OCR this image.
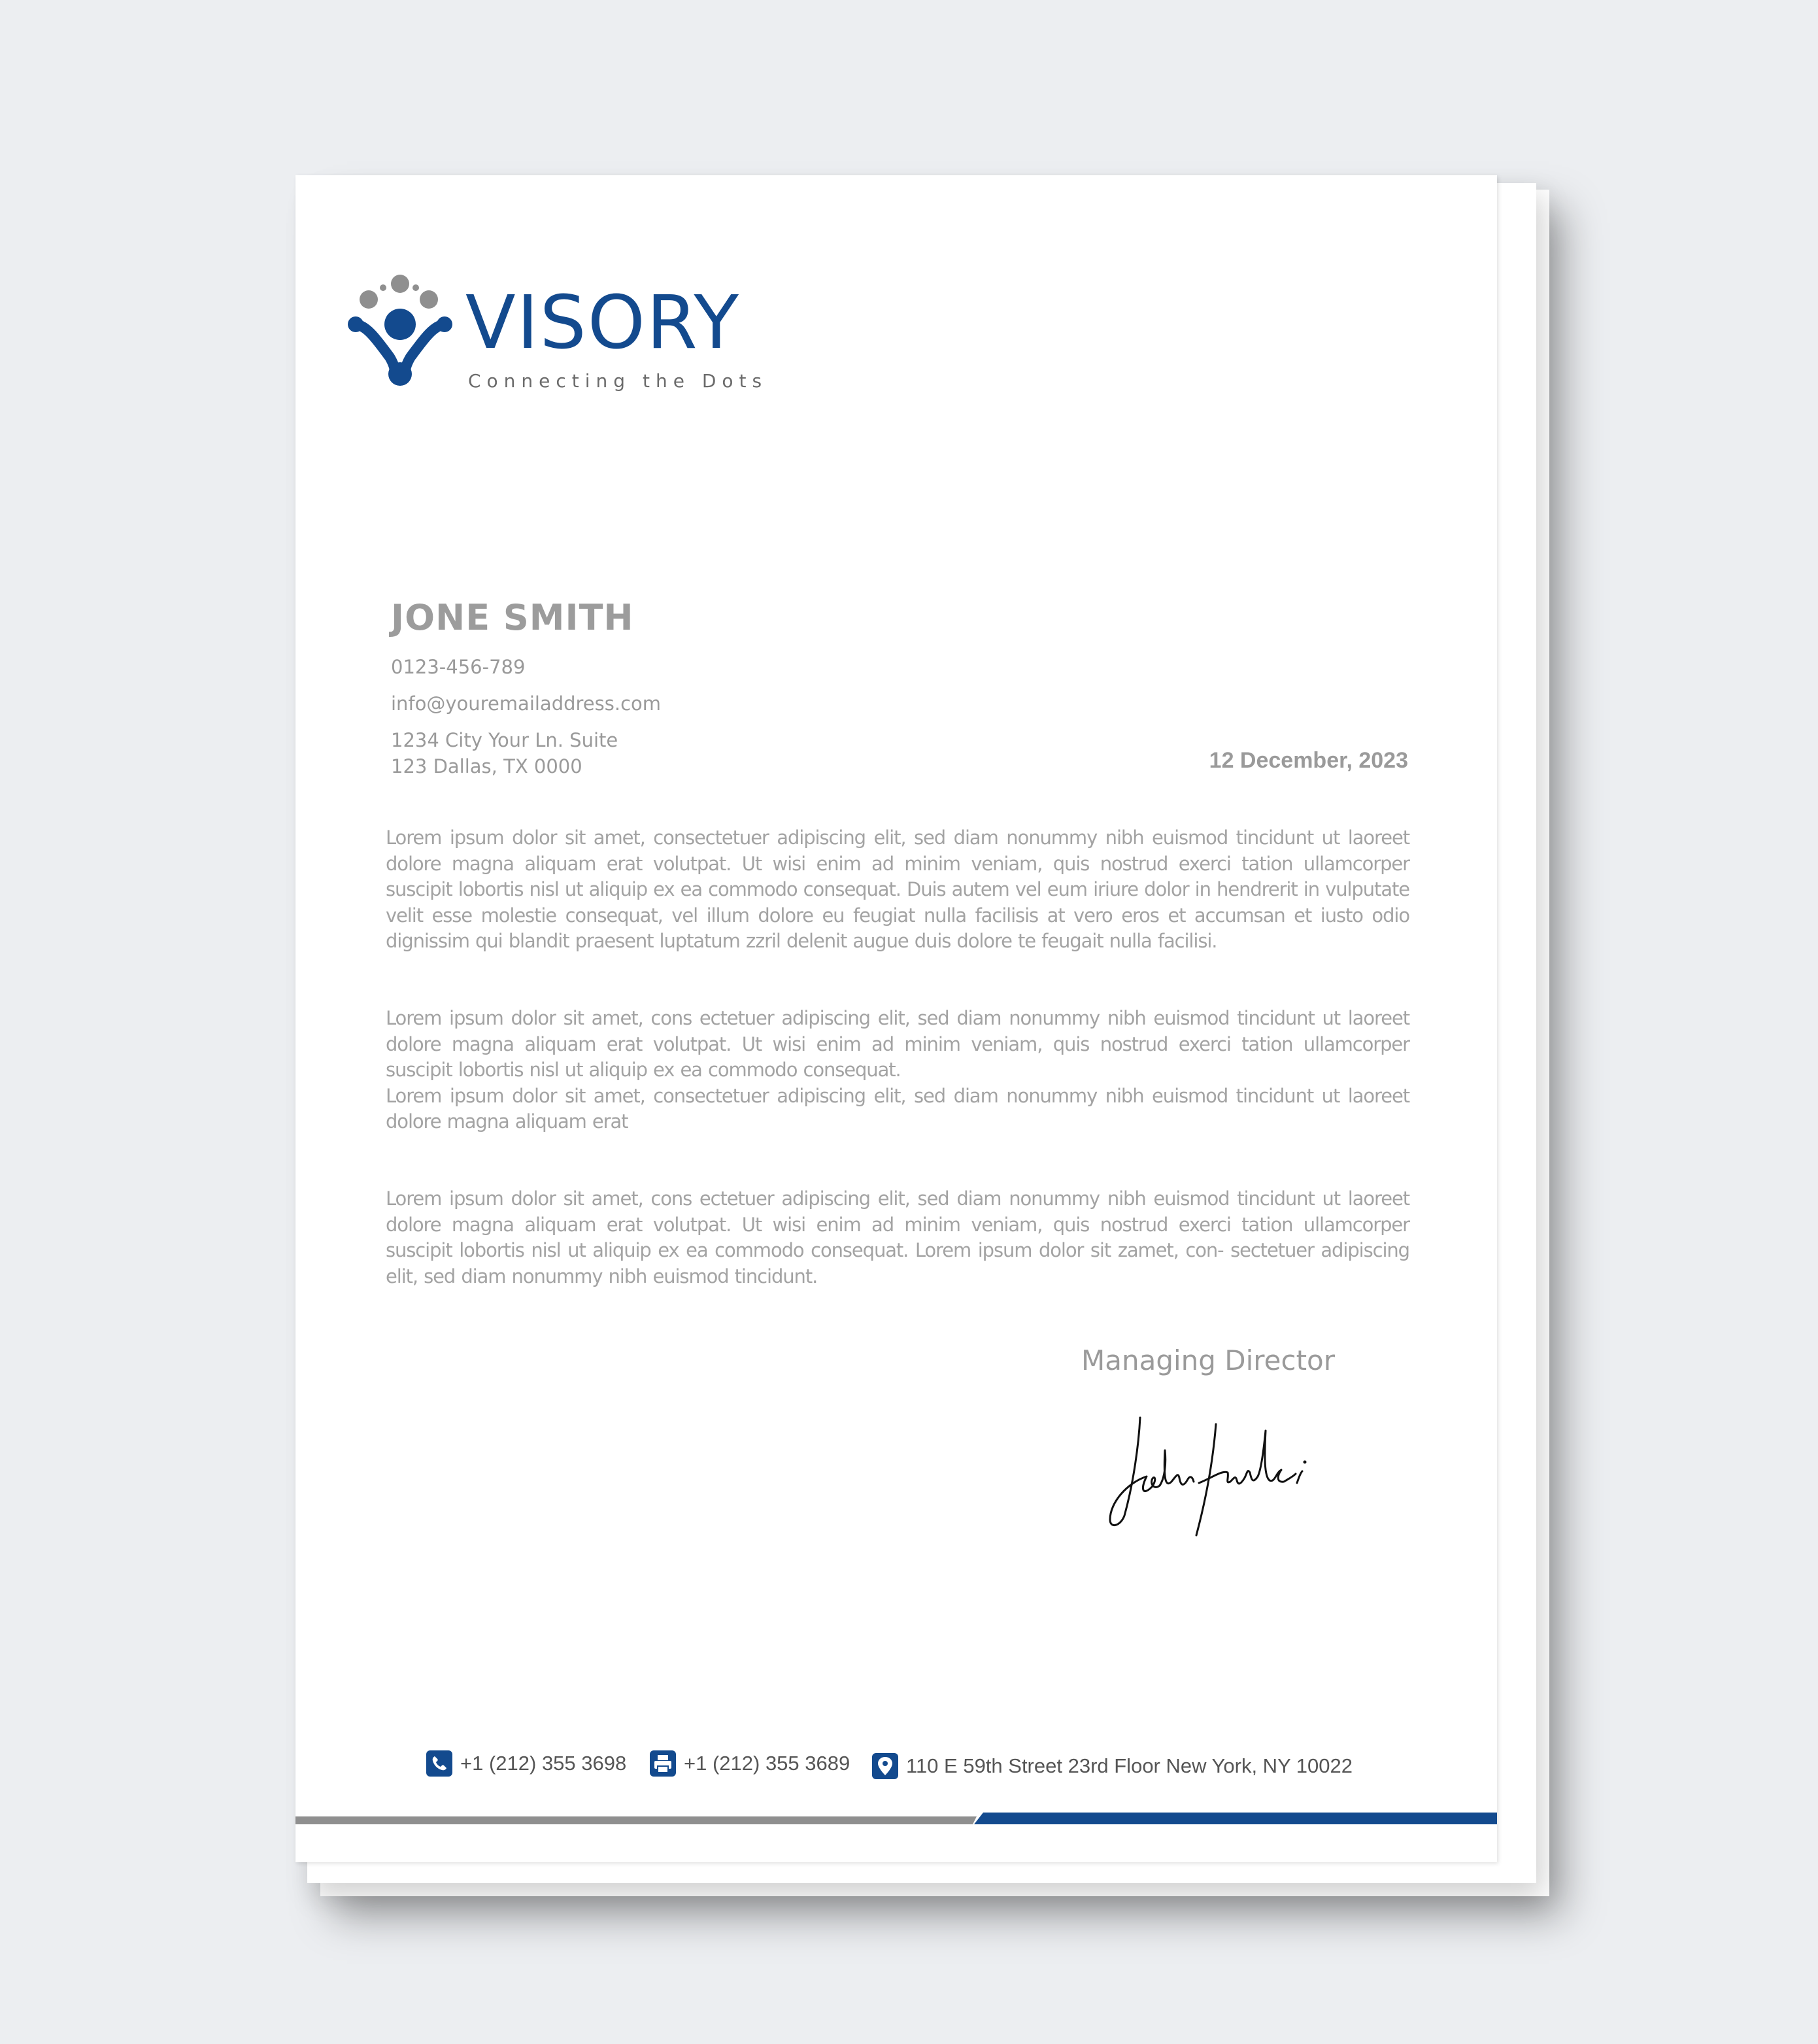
VISORY
Connecting the Dots
JONE SMITH
0123-456-789
info@youremailaddress.com
1234 City Your Ln. Suite
123 Dallas, TX 0000	12 December, 2023

Lorem ipsum dolor sit amet, consectetuer adipiscing elit, sed diam nonummy nibh euismod tincidunt ut laoreet dolore magna aliquam erat volutpat. Ut wisi enim ad minim veniam, quis nostrud exerci tation ullamcorper suscipit lobortis nisl ut aliquip ex ea commodo consequat. Duis autem vel eum iriure dolor in hendrerit in vulputate velit esse molestie consequat, vel illum dolore eu feugiat nulla facilisis at vero eros et accumsan et iusto odio dignissim qui blandit praesent luptatum zzril delenit augue duis dolore te feugait nulla facilisi.

Lorem ipsum dolor sit amet, cons ectetuer adipiscing elit, sed diam nonummy nibh euismod tincidunt ut laoreet dolore magna aliquam erat volutpat. Ut wisi enim ad minim veniam, quis nostrud exerci tation ullamcorper suscipit lobortis nisl ut aliquip ex ea commodo consequat.

Lorem ipsum dolor sit amet, consectetuer adipiscing elit, sed diam nonummy nibh euismod tincidunt ut laoreet dolore magna aliquam erat

Lorem ipsum dolor sit amet, cons ectetuer adipiscing elit, sed diam nonummy nibh euismod tincidunt ut laoreet dolore magna aliquam erat volutpat. Ut wisi enim ad minim veniam, quis nostrud exerci tation ullamcorper suscipit lobortis nisl ut aliquip ex ea commodo consequat. Lorem ipsum dolor sit zamet, con- sectetuer adipiscing elit, sed diam nonummy nibh euismod tincidunt.

Managing Director
+1 (212) 355 3698	+1 (212) 355 3689	110 E 59th Street 23rd Floor New York, NY 10022
